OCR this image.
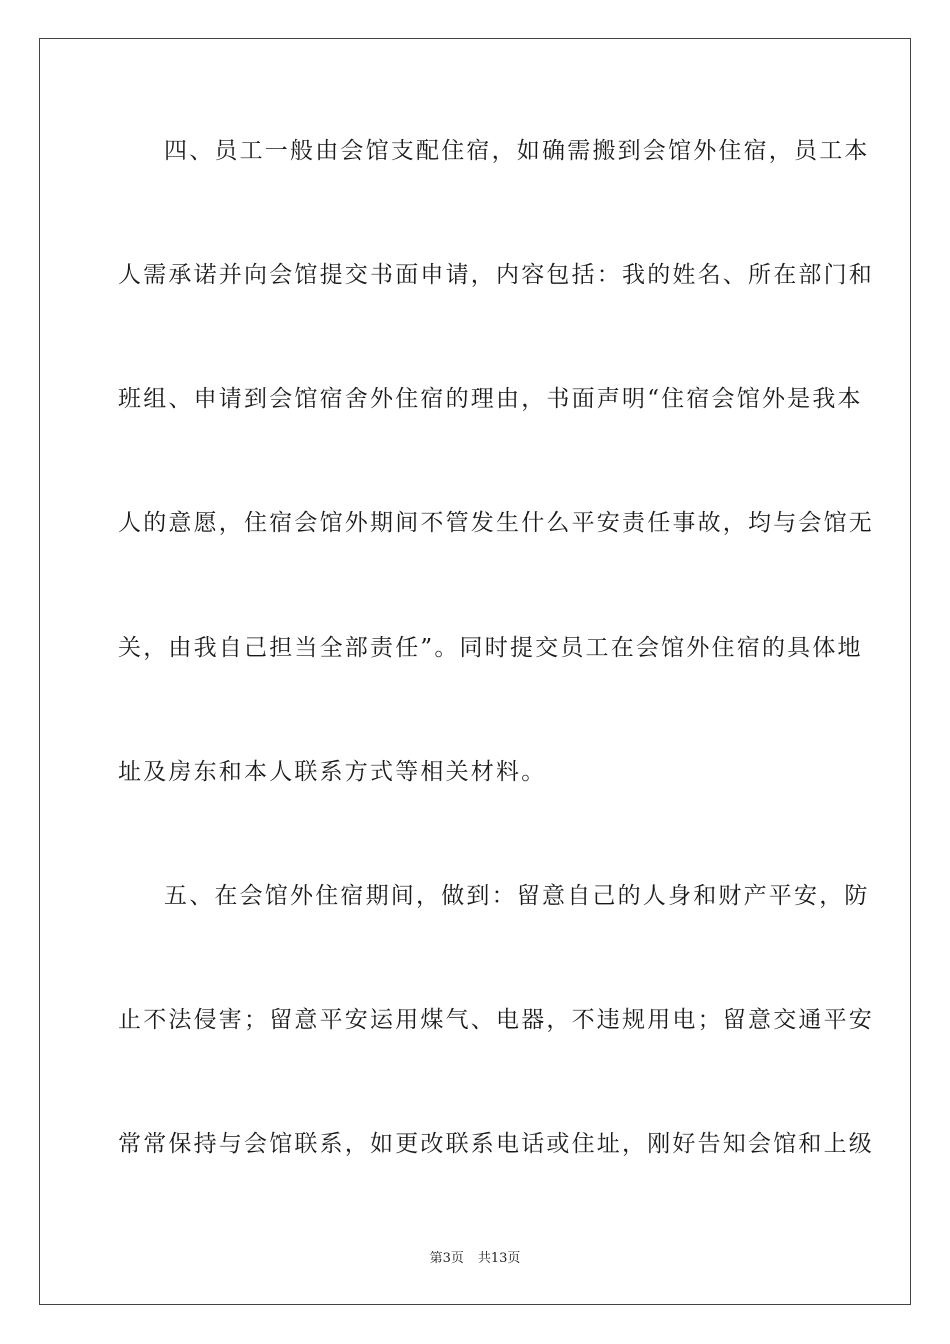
四、员工一般由会馆支配住宿，如确需搬到会馆外住宿，员工本
人需承诺并向会馆提交书面申请，内容包括：我的姓名、所在部门和
班组、申请到会馆宿舍外住宿的理由，书面声明“住宿会馆外是我本
人的意愿，住宿会馆外期间不管发生什么平安责任事故，均与会馆无
关，由我自己担当全部责任”。同时提交员工在会馆外住宿的具体地
址及房东和本人联系方式等相关材料。
五、在会馆外住宿期间，做到：留意自己的人身和财产平安，防
止不法侵害；留意平安运用煤气、电器，不违规用电；留意交通平安
常常保持与会馆联系，如更改联系电话或住址，刚好告知会馆和上级
第3页 共13页
